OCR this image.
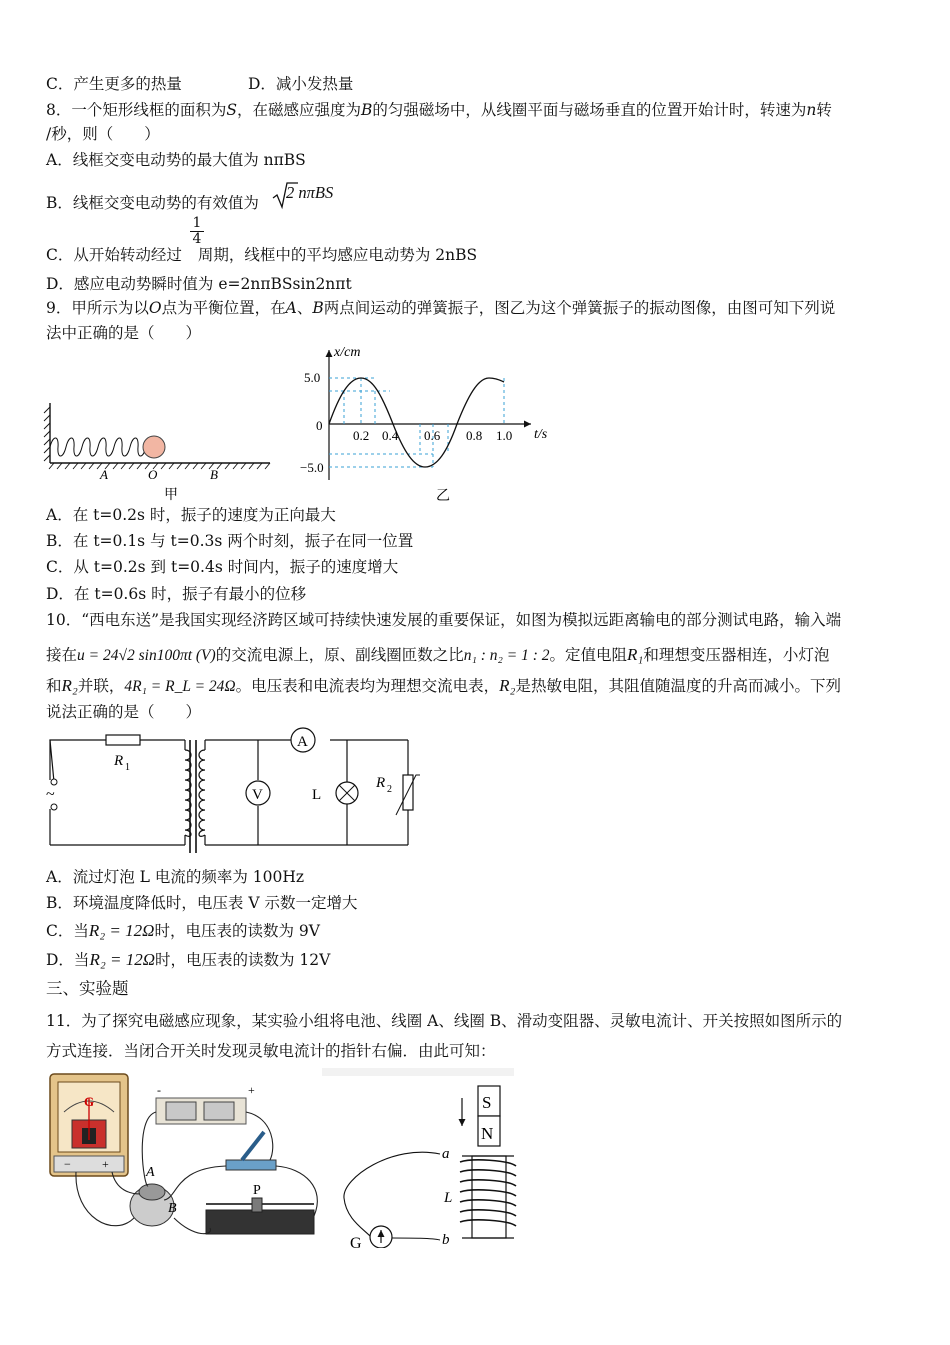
C．产生更多的热量	D．减小发热量
8．一个矩形线框的面积为S，在磁感应强度为B的匀强磁场中，从线圈平面与磁场垂直的位置开始计时，转速为n转
/秒，则（　　）
A．线框交变电动势的最大值为 nπBS
B．线框交变电动势的有效值为
2 nπBS
C．从开始转动经过 周期，线框中的平均感应电动势为 2nBS
1
4
D．感应电动势瞬时值为 e=2nπBSsin2nπt
9．甲所示为以O点为平衡位置，在A、B两点间运动的弹簧振子，图乙为这个弹簧振子的振动图像，由图可知下列说
法中正确的是（　　）
A	O	B
甲
x/cm
t/s
0
5.0
−5.0
0.2 0.4 0.6 0.8 1.0
乙
A．在 t=0.2s 时，振子的速度为正向最大
B．在 t=0.1s 与 t=0.3s 两个时刻，振子在同一位置
C．从 t=0.2s 到 t=0.4s 时间内，振子的速度增大
D．在 t=0.6s 时，振子有最小的位移
10．“西电东送”是我国实现经济跨区域可持续快速发展的重要保证，如图为模拟远距离输电的部分测试电路，输入端
接在u = 24√2 sin100πt (V)的交流电源上，原、副线圈匝数之比n₁ : n₂ = 1 : 2。定值电阻R₁和理想变压器相连，小灯泡
和R₂并联，4R₁ = R_L = 24Ω。电压表和电流表均为理想交流电表，R₂是热敏电阻，其阻值随温度的升高而减小。下列
说法正确的是（　　）
R 1
~
A
V	L
R 2
A．流过灯泡 L 电流的频率为 100Hz
B．环境温度降低时，电压表 V 示数一定增大
C．当R₂ = 12Ω时，电压表的读数为 9V
D．当R₂ = 12Ω时，电压表的读数为 12V
三、实验题
11．为了探究电磁感应现象，某实验小组将电池、线圈 A、线圈 B、滑动变阻器、灵敏电流计、开关按照如图所示的
方式连接．当闭合开关时发现灵敏电流计的指针右偏．由此可知：
G
−	+
-	+
A
B
P
S
N
a
L
b
G
